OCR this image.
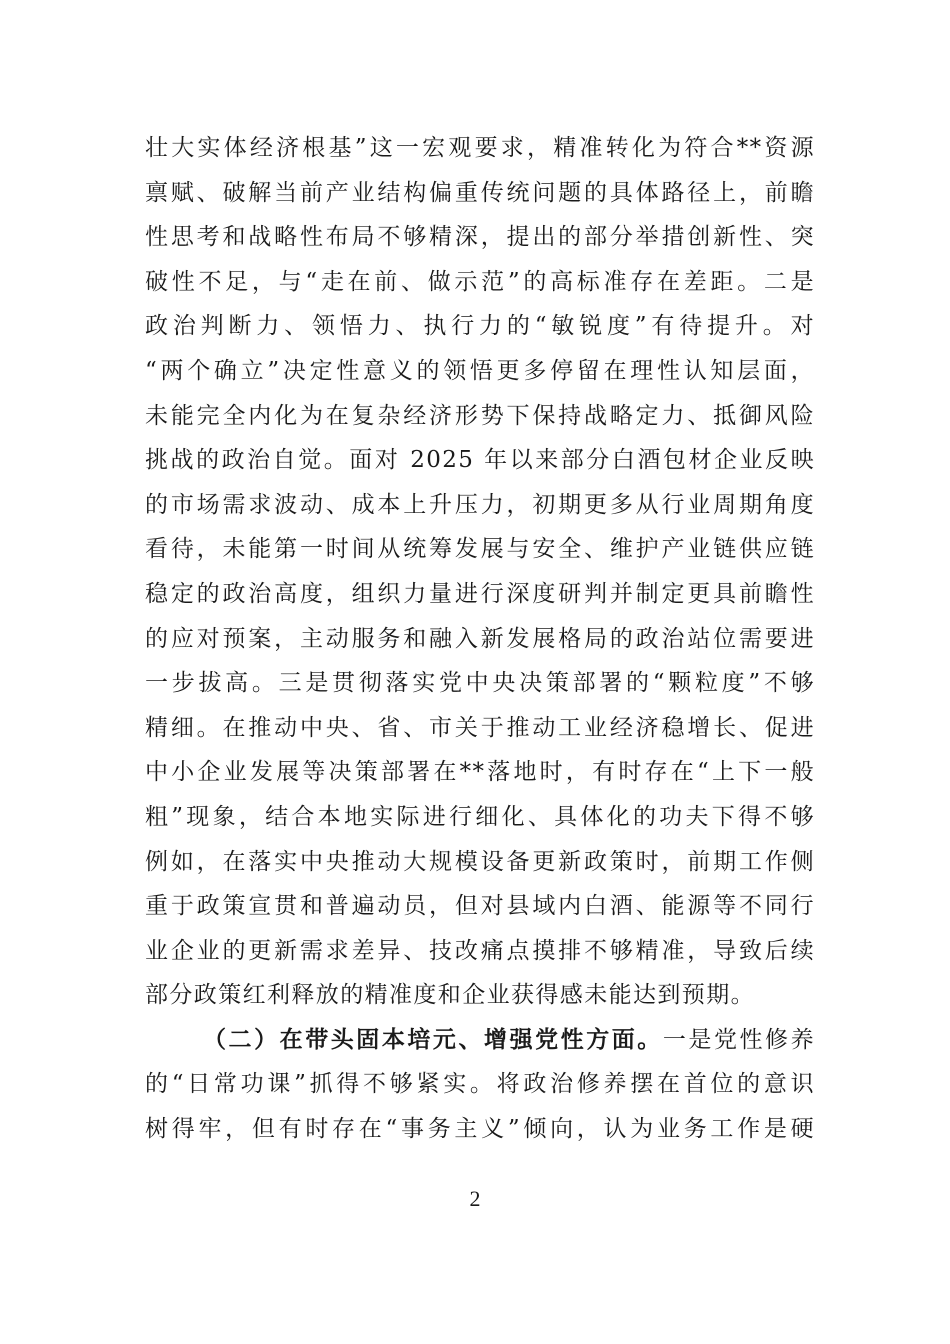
壮大实体经济根基”这一宏观要求，精准转化为符合**资源
禀赋、破解当前产业结构偏重传统问题的具体路径上，前瞻
性思考和战略性布局不够精深，提出的部分举措创新性、突
破性不足，与“走在前、做示范”的高标准存在差距。二是
政治判断力、领悟力、执行力的“敏锐度”有待提升。对
“两个确立”决定性意义的领悟更多停留在理性认知层面，
未能完全内化为在复杂经济形势下保持战略定力、抵御风险
挑战的政治自觉。面对 2025 年以来部分白酒包材企业反映
的市场需求波动、成本上升压力，初期更多从行业周期角度
看待，未能第一时间从统筹发展与安全、维护产业链供应链
稳定的政治高度，组织力量进行深度研判并制定更具前瞻性
的应对预案，主动服务和融入新发展格局的政治站位需要进
一步拔高。三是贯彻落实党中央决策部署的“颗粒度”不够
精细。在推动中央、省、市关于推动工业经济稳增长、促进
中小企业发展等决策部署在**落地时，有时存在“上下一般
粗”现象，结合本地实际进行细化、具体化的功夫下得不够
例如，在落实中央推动大规模设备更新政策时，前期工作侧
重于政策宣贯和普遍动员，但对县域内白酒、能源等不同行
业企业的更新需求差异、技改痛点摸排不够精准，导致后续
部分政策红利释放的精准度和企业获得感未能达到预期。
（二）在带头固本培元、增强党性方面。一是党性修养
的“日常功课”抓得不够紧实。将政治修养摆在首位的意识
树得牢，但有时存在“事务主义”倾向，认为业务工作是硬
2
